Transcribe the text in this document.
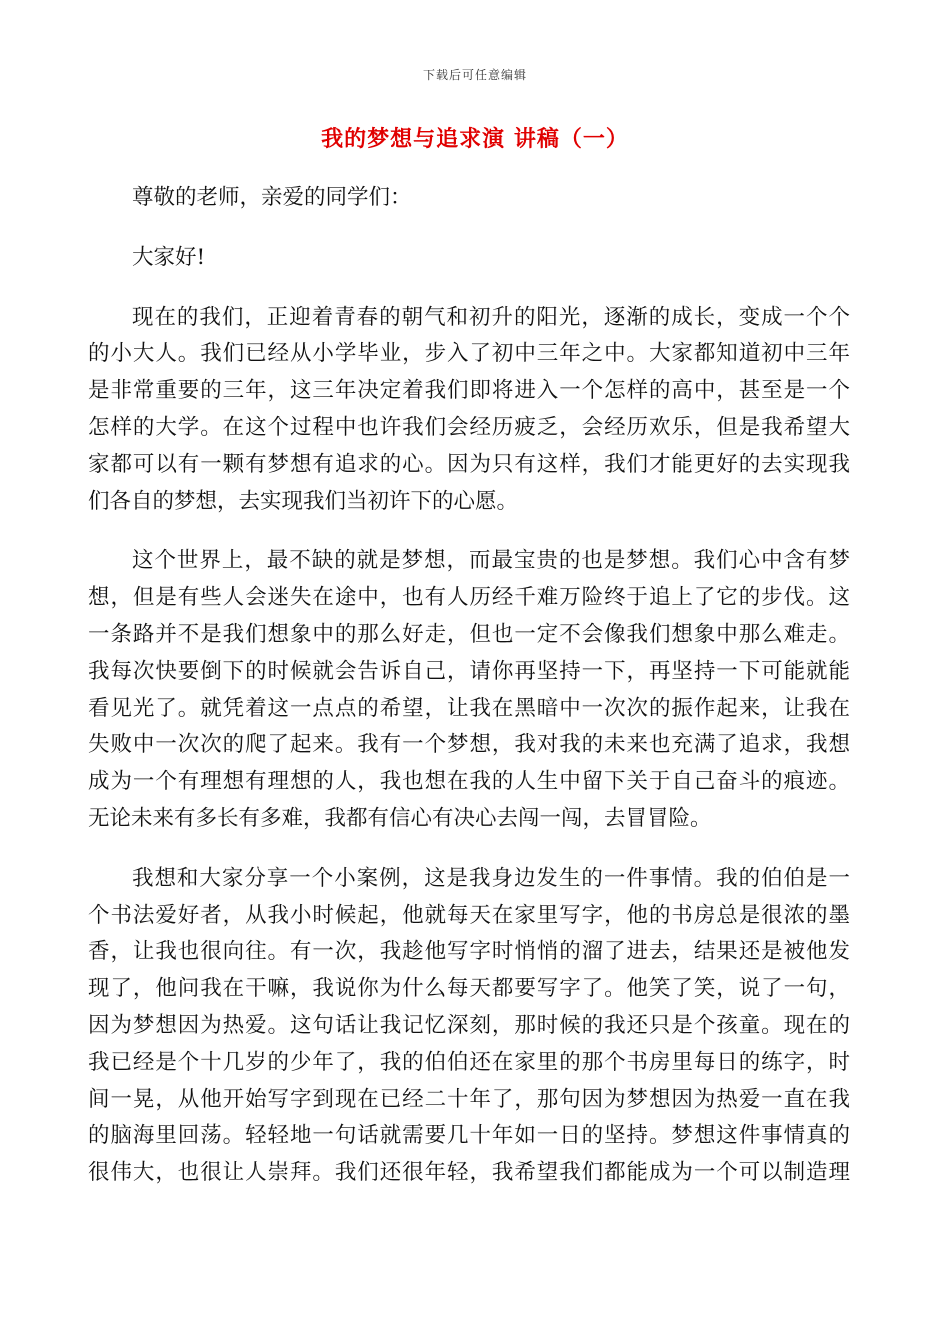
下载后可任意编辑
我的梦想与追求演 讲稿（一）

尊敬的老师，亲爱的同学们：

大家好!

现在的我们，正迎着青春的朝气和初升的阳光，逐渐的成长，变成一个个
的小大人。我们已经从小学毕业，步入了初中三年之中。大家都知道初中三年
是非常重要的三年，这三年决定着我们即将进入一个怎样的高中，甚至是一个
怎样的大学。在这个过程中也许我们会经历疲乏，会经历欢乐，但是我希望大
家都可以有一颗有梦想有追求的心。因为只有这样，我们才能更好的去实现我
们各自的梦想，去实现我们当初许下的心愿。
这个世界上，最不缺的就是梦想，而最宝贵的也是梦想。我们心中含有梦
想，但是有些人会迷失在途中，也有人历经千难万险终于追上了它的步伐。这
一条路并不是我们想象中的那么好走，但也一定不会像我们想象中那么难走。
我每次快要倒下的时候就会告诉自己，请你再坚持一下，再坚持一下可能就能
看见光了。就凭着这一点点的希望，让我在黑暗中一次次的振作起来，让我在
失败中一次次的爬了起来。我有一个梦想，我对我的未来也充满了追求，我想
成为一个有理想有理想的人，我也想在我的人生中留下关于自己奋斗的痕迹。
无论未来有多长有多难，我都有信心有决心去闯一闯，去冒冒险。
我想和大家分享一个小案例，这是我身边发生的一件事情。我的伯伯是一
个书法爱好者，从我小时候起，他就每天在家里写字，他的书房总是很浓的墨
香，让我也很向往。有一次，我趁他写字时悄悄的溜了进去，结果还是被他发
现了，他问我在干嘛，我说你为什么每天都要写字了。他笑了笑，说了一句，
因为梦想因为热爱。这句话让我记忆深刻，那时候的我还只是个孩童。现在的
我已经是个十几岁的少年了，我的伯伯还在家里的那个书房里每日的练字，时
间一晃，从他开始写字到现在已经二十年了，那句因为梦想因为热爱一直在我
的脑海里回荡。轻轻地一句话就需要几十年如一日的坚持。梦想这件事情真的
很伟大，也很让人崇拜。我们还很年轻，我希望我们都能成为一个可以制造理
